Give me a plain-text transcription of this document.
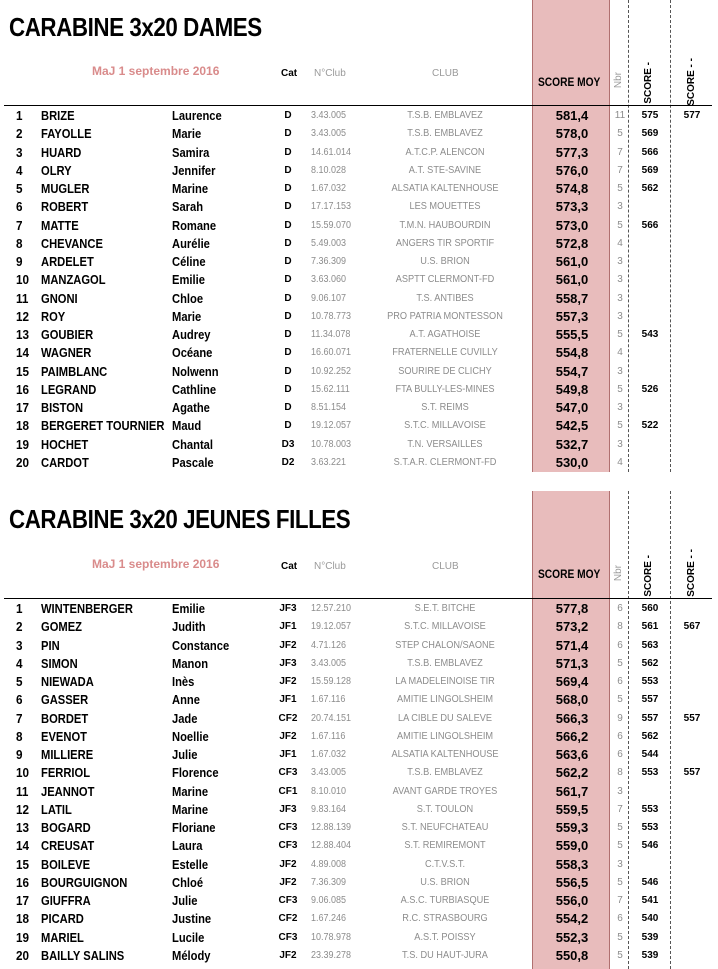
CARABINE 3x20 DAMES
MaJ 1 septembre 2016	Cat N°Club	CLUB
SCORE MOY Nbr SCORE -	SCORE - -
1 BRIZE	Laurence	D	3.43.005	T.S.B. EMBLAVEZ	581,4	11	575	577
2 FAYOLLE	Marie	D	3.43.005	T.S.B. EMBLAVEZ	578,0	5	569
3 HUARD	Samira	D	14.61.014	A.T.C.P. ALENCON	577,3	7	566
4 OLRY	Jennifer	D	8.10.028	A.T. STE-SAVINE	576,0	7	569
5 MUGLER	Marine	D	1.67.032	ALSATIA KALTENHOUSE	574,8	5	562
6 ROBERT	Sarah	D	17.17.153	LES MOUETTES	573,3	3
7 MATTE	Romane	D	15.59.070	T.M.N. HAUBOURDIN	573,0	5	566
8 CHEVANCE	Aurélie	D	5.49.003	ANGERS TIR SPORTIF	572,8	4
9 ARDELET	Céline	D	7.36.309	U.S. BRION	561,0	3
10 MANZAGOL	Emilie	D	3.63.060	ASPTT CLERMONT-FD	561,0	3
11 GNONI	Chloe	D	9.06.107	T.S. ANTIBES	558,7	3
12 ROY	Marie	D	10.78.773	PRO PATRIA MONTESSON	557,3	3
13 GOUBIER	Audrey	D	11.34.078	A.T. AGATHOISE	555,5	5	543
14 WAGNER	Océane	D	16.60.071	FRATERNELLE CUVILLY	554,8	4
15 PAIMBLANC	Nolwenn	D	10.92.252	SOURIRE DE CLICHY	554,7	3
16 LEGRAND	Cathline	D	15.62.111	FTA BULLY-LES-MINES	549,8	5	526
17 BISTON	Agathe	D	8.51.154	S.T. REIMS	547,0	3
18 BERGERET TOURNIER Maud	D	19.12.057	S.T.C. MILLAVOISE	542,5	5	522
19 HOCHET	Chantal	D3	10.78.003	T.N. VERSAILLES	532,7	3
20 CARDOT	Pascale	D2	3.63.221	S.T.A.R. CLERMONT-FD	530,0	4
CARABINE 3x20 JEUNES FILLES
MaJ 1 septembre 2016	Cat N°Club	CLUB
SCORE MOY Nbr SCORE -	SCORE - -
1 WINTENBERGER	Emilie	JF3	12.57.210	S.E.T. BITCHE	577,8	6	560
2 GOMEZ	Judith	JF1	19.12.057	S.T.C. MILLAVOISE	573,2	8	561	567
3 PIN	Constance	JF2	4.71.126	STEP CHALON/SAONE	571,4	6	563
4 SIMON	Manon	JF3	3.43.005	T.S.B. EMBLAVEZ	571,3	5	562
5 NIEWADA	Inès	JF2	15.59.128	LA MADELEINOISE TIR	569,4	6	553
6 GASSER	Anne	JF1	1.67.116	AMITIE LINGOLSHEIM	568,0	5	557
7 BORDET	Jade	CF2	20.74.151	LA CIBLE DU SALEVE	566,3	9	557	557
8 EVENOT	Noellie	JF2	1.67.116	AMITIE LINGOLSHEIM	566,2	6	562
9 MILLIERE	Julie	JF1	1.67.032	ALSATIA KALTENHOUSE	563,6	6	544
10 FERRIOL	Florence	CF3	3.43.005	T.S.B. EMBLAVEZ	562,2	8	553	557
11 JEANNOT	Marine	CF1	8.10.010	AVANT GARDE TROYES	561,7	3
12 LATIL	Marine	JF3	9.83.164	S.T. TOULON	559,5	7	553
13 BOGARD	Floriane	CF3	12.88.139	S.T. NEUFCHATEAU	559,3	5	553
14 CREUSAT	Laura	CF3	12.88.404	S.T. REMIREMONT	559,0	5	546
15 BOILEVE	Estelle	JF2	4.89.008	C.T.V.S.T.	558,3	3
16 BOURGUIGNON	Chloé	JF2	7.36.309	U.S. BRION	556,5	5	546
17 GIUFFRA	Julie	CF3	9.06.085	A.S.C. TURBIASQUE	556,0	7	541
18 PICARD	Justine	CF2	1.67.246	R.C. STRASBOURG	554,2	6	540
19 MARIEL	Lucile	CF3	10.78.978	A.S.T. POISSY	552,3	5	539
20 BAILLY SALINS	Mélody	JF2	23.39.278	T.S. DU HAUT-JURA	550,8	5	539
